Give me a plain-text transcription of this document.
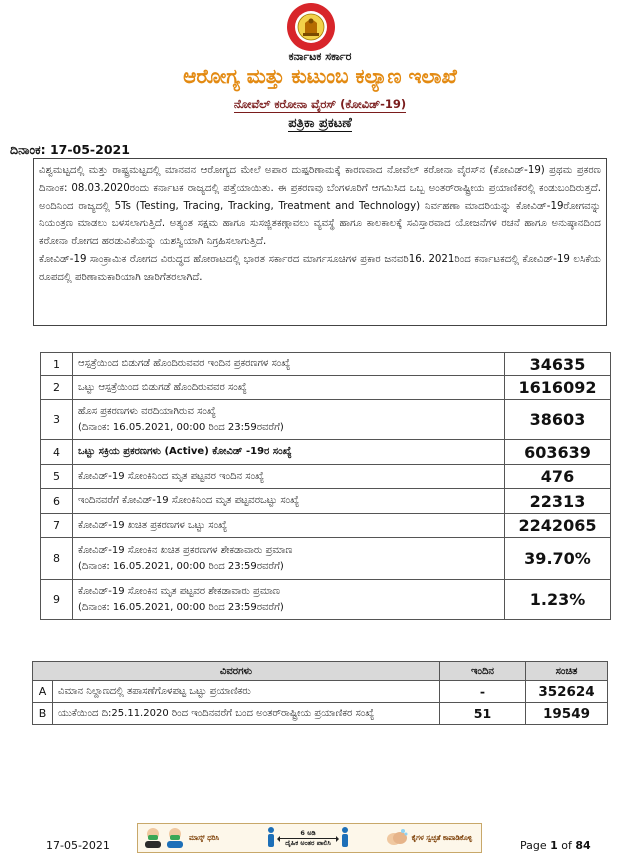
ಕರ್ನಾಟಕ ಸರ್ಕಾರ
ಆರೋಗ್ಯ ಮತ್ತು ಕುಟುಂಬ ಕಲ್ಯಾಣ ಇಲಾಖೆ
ನೋವೆಲ್ ಕರೋನಾ ವೈರಸ್ (ಕೋವಿಡ್-19)
ಪತ್ರಿಕಾ ಪ್ರಕಟಣೆ
ದಿನಾಂಕ: 17-05-2021

ವಿಶ್ವಮಟ್ಟದಲ್ಲಿ ಮತ್ತು ರಾಷ್ಟ್ರಮಟ್ಟದಲ್ಲಿ ಮಾನವನ ಆರೋಗ್ಯದ ಮೇಲೆ ಅಪಾರ ದುಷ್ಪರಿಣಾಮಕ್ಕೆ ಕಾರಣವಾದ ನೋವೆಲ್ ಕರೋನಾ ವೈರಸ್‌ನ (ಕೋವಿಡ್-19) ಪ್ರಥಮ ಪ್ರಕರಣ ದಿನಾಂಕ: 08.03.2020ರಂದು ಕರ್ನಾಟಕ ರಾಜ್ಯದಲ್ಲಿ ಪತ್ತೆಯಾಯಿತು. ಈ ಪ್ರಕರಣವು ಬೆಂಗಳೂರಿಗೆ ಆಗಮಿಸಿದ ಒಬ್ಬ ಅಂತರ್‌ರಾಷ್ಟ್ರೀಯ ಪ್ರಯಾಣಿಕರಲ್ಲಿ ಕಂಡುಬಂದಿರುತ್ತದೆ. ಅಂದಿನಿಂದ ರಾಜ್ಯದಲ್ಲಿ 5Ts (Testing, Tracing, Tracking, Treatment and Technology) ನಿರ್ವಹಣಾ ಮಾದರಿಯನ್ನು ಕೋವಿಡ್-19ರೋಗವನ್ನು ನಿಯಂತ್ರಣ ಮಾಡಲು ಬಳಸಲಾಗುತ್ತಿದೆ. ಅತ್ಯಂತ ಸಕ್ಷಮ ಹಾಗೂ ಸುಸಜ್ಜಿತಕಣ್ಗಾವಲು ವ್ಯವಸ್ಥೆ ಹಾಗೂ ಕಾಲಕಾಲಕ್ಕೆ ಸವಿಸ್ತಾರವಾದ ಯೋಜನೆಗಳ ರಚನೆ ಹಾಗೂ ಅನುಷ್ಠಾನದಿಂದ ಕರೋನಾ ರೋಗದ ಹರಡುವಿಕೆಯನ್ನು ಯಶಸ್ವಿಯಾಗಿ ನಿಗ್ರಹಿಸಲಾಗುತ್ತಿದೆ.

ಕೋವಿಡ್-19 ಸಾಂಕ್ರಾಮಿಕ ರೋಗದ ವಿರುದ್ಧದ ಹೋರಾಟದಲ್ಲಿ ಭಾರತ ಸರ್ಕಾರದ ಮಾರ್ಗಸೂಚಿಗಳ ಪ್ರಕಾರ ಜನವರಿ16. 2021ರಿಂದ ಕರ್ನಾಟಕದಲ್ಲಿ ಕೋವಿಡ್-19 ಲಸಿಕೆಯ ರೂಪದಲ್ಲಿ ಪರಿಣಾಮಕಾರಿಯಾಗಿ ಜಾರಿಗೆತರಲಾಗಿದೆ.

1	ಆಸ್ಪತ್ರೆಯಿಂದ ಬಿಡುಗಡೆ ಹೊಂದಿರುವವರ ಇಂದಿನ ಪ್ರಕರಣಗಳ ಸಂಖ್ಯೆ	34635
2	ಒಟ್ಟು ಆಸ್ಪತ್ರೆಯಿಂದ ಬಿಡುಗಡೆ ಹೊಂದಿರುವವರ ಸಂಖ್ಯೆ	1616092
3	ಹೊಸ ಪ್ರಕರಣಗಳು ವರದಿಯಾಗಿರುವ ಸಂಖ್ಯೆ
(ದಿನಾಂಕ: 16.05.2021, 00:00 ರಿಂದ 23:59ರವರೆಗೆ)	38603
4	ಒಟ್ಟು ಸಕ್ರಿಯ ಪ್ರಕರಣಗಳು (Active) ಕೋವಿಡ್ -19ರ ಸಂಖ್ಯೆ	603639
5	ಕೋವಿಡ್-19 ಸೋಂಕಿನಿಂದ ಮೃತ ಪಟ್ಟವರ ಇಂದಿನ ಸಂಖ್ಯೆ	476
6	ಇಂದಿನವರೆಗೆ ಕೋವಿಡ್-19 ಸೋಂಕಿನಿಂದ ಮೃತ ಪಟ್ಟವರಒಟ್ಟು ಸಂಖ್ಯೆ	22313
7	ಕೋವಿಡ್-19 ಖಚಿತ ಪ್ರಕರಣಗಳ ಒಟ್ಟು ಸಂಖ್ಯೆ	2242065
8	ಕೋವಿಡ್-19 ಸೋಂಕಿನ ಖಚಿತ ಪ್ರಕರಣಗಳ ಶೇಕಡಾವಾರು ಪ್ರಮಾಣ
(ದಿನಾಂಕ: 16.05.2021, 00:00 ರಿಂದ 23:59ರವರೆಗೆ)	39.70%
9	ಕೋವಿಡ್-19 ಸೋಂಕಿನ ಮೃತ ಪಟ್ಟವರ ಶೇಕಡಾವಾರು ಪ್ರಮಾಣ
(ದಿನಾಂಕ: 16.05.2021, 00:00 ರಿಂದ 23:59ರವರೆಗೆ)	1.23%
ವಿವರಗಳು		ಇಂದಿನ	ಸಂಚಿತ
A	ವಿಮಾನ ನಿಲ್ದಾಣದಲ್ಲಿ ತಪಾಸಣೆಗೊಳಪಟ್ಟ ಒಟ್ಟು ಪ್ರಯಾಣಿಕರು	-	352624
B	ಯುಕೆಯಿಂದ ದಿ:25.11.2020 ರಿಂದ ಇಂದಿನವರೆಗೆ ಬಂದ ಅಂತರ್‌ರಾಷ್ಟ್ರೀಯ ಪ್ರಯಾಣಿಕರ ಸಂಖ್ಯೆ	51	19549
17-05-2021
ಮಾಸ್ಕ್ ಧರಿಸಿ
6 ಅಡಿ
ದೈಹಿಕ ಅಂತರ ಪಾಲಿಸಿ
ಕೈಗಳ ಸ್ವಚ್ಛತೆ ಕಾಪಾಡಿಕೊಳ್ಳಿ
Page 1 of 84
